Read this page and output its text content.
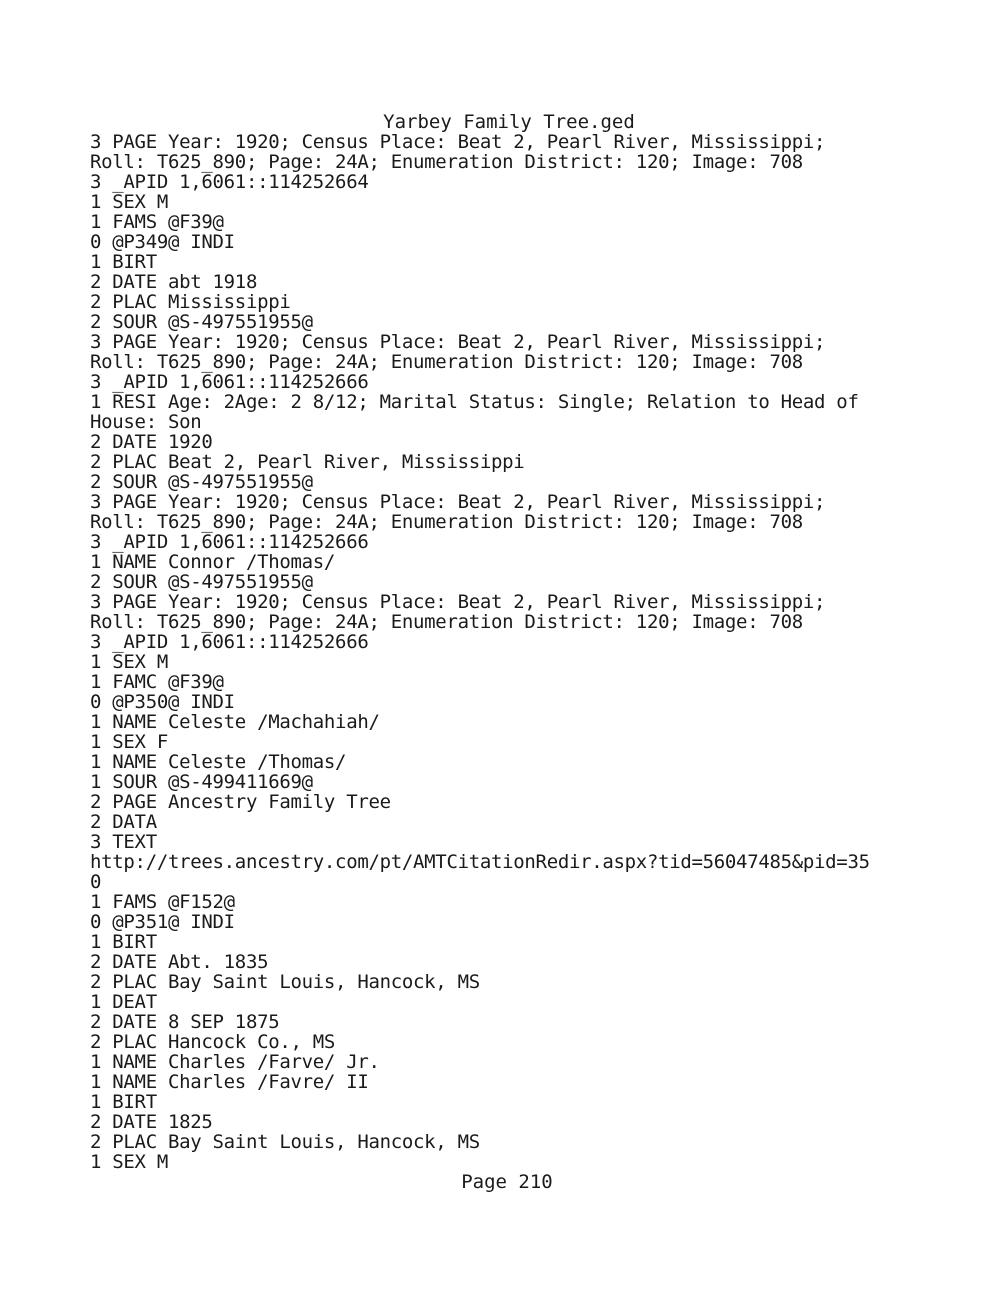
Yarbey Family Tree.ged
3 PAGE Year: 1920; Census Place: Beat 2, Pearl River, Mississippi;
Roll: T625_890; Page: 24A; Enumeration District: 120; Image: 708
3 _APID 1,6061::114252664
1 SEX M
1 FAMS @F39@
0 @P349@ INDI
1 BIRT
2 DATE abt 1918
2 PLAC Mississippi
2 SOUR @S-497551955@
3 PAGE Year: 1920; Census Place: Beat 2, Pearl River, Mississippi;
Roll: T625_890; Page: 24A; Enumeration District: 120; Image: 708
3 _APID 1,6061::114252666
1 RESI Age: 2Age: 2 8/12; Marital Status: Single; Relation to Head of
House: Son
2 DATE 1920
2 PLAC Beat 2, Pearl River, Mississippi
2 SOUR @S-497551955@
3 PAGE Year: 1920; Census Place: Beat 2, Pearl River, Mississippi;
Roll: T625_890; Page: 24A; Enumeration District: 120; Image: 708
3 _APID 1,6061::114252666
1 NAME Connor /Thomas/
2 SOUR @S-497551955@
3 PAGE Year: 1920; Census Place: Beat 2, Pearl River, Mississippi;
Roll: T625_890; Page: 24A; Enumeration District: 120; Image: 708
3 _APID 1,6061::114252666
1 SEX M
1 FAMC @F39@
0 @P350@ INDI
1 NAME Celeste /Machahiah/
1 SEX F
1 NAME Celeste /Thomas/
1 SOUR @S-499411669@
2 PAGE Ancestry Family Tree
2 DATA
3 TEXT
http://trees.ancestry.com/pt/AMTCitationRedir.aspx?tid=56047485&pid=35
0
1 FAMS @F152@
0 @P351@ INDI
1 BIRT
2 DATE Abt. 1835
2 PLAC Bay Saint Louis, Hancock, MS
1 DEAT
2 DATE 8 SEP 1875
2 PLAC Hancock Co., MS
1 NAME Charles /Farve/ Jr.
1 NAME Charles /Favre/ II
1 BIRT
2 DATE 1825
2 PLAC Bay Saint Louis, Hancock, MS
1 SEX M
Page 210
